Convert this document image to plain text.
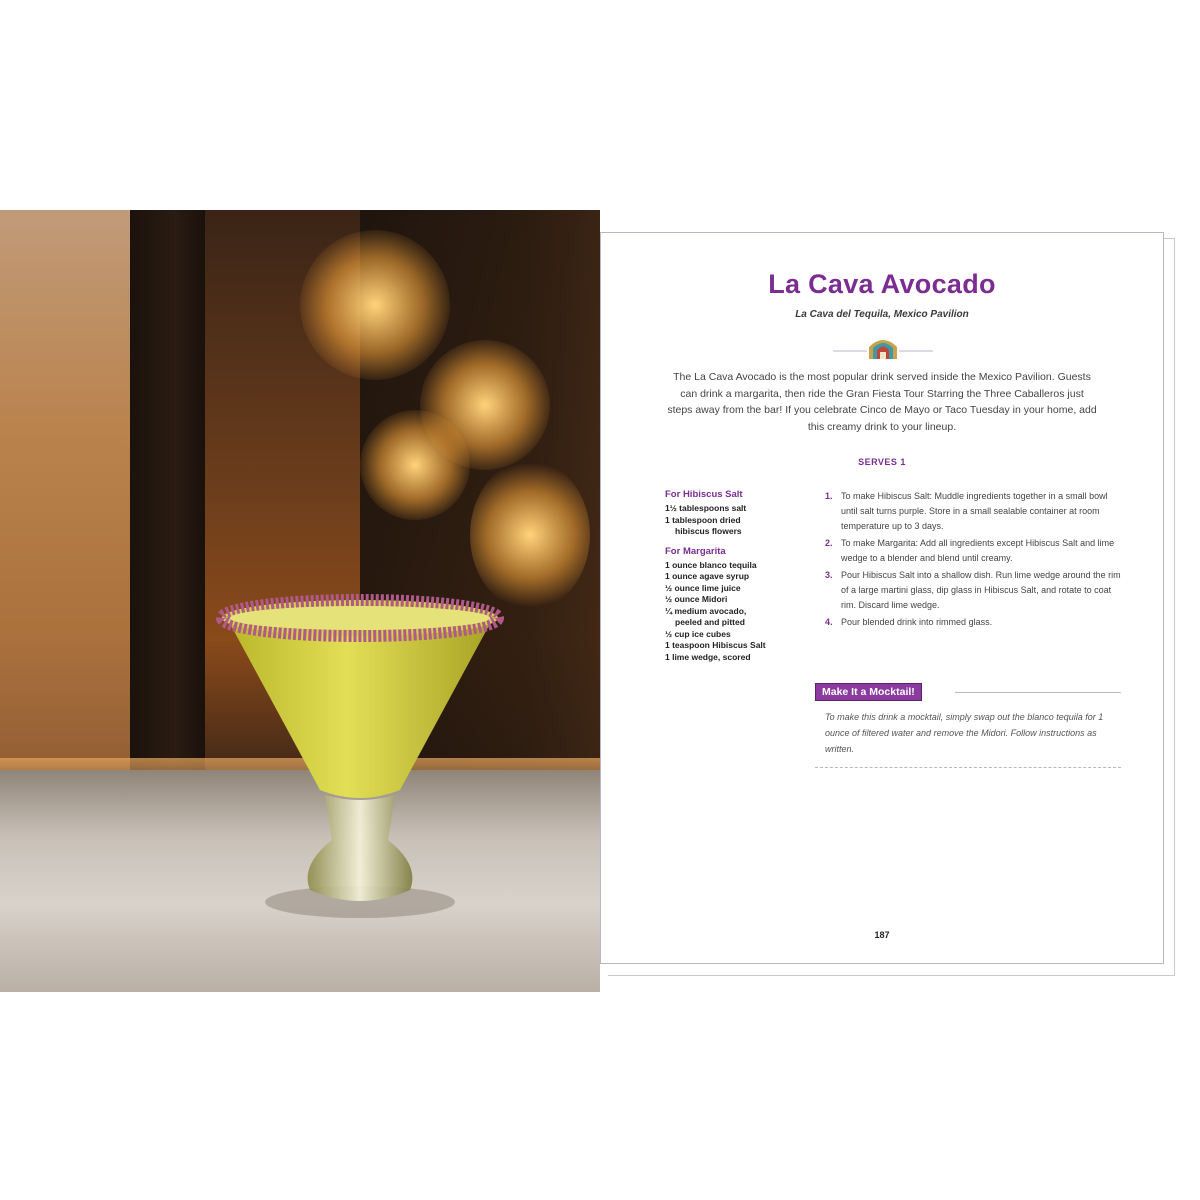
La Cava Avocado
La Cava del Tequila, Mexico Pavilion
The La Cava Avocado is the most popular drink served inside the Mexico Pavilion. Guests can drink a margarita, then ride the Gran Fiesta Tour Starring the Three Caballeros just steps away from the bar! If you celebrate Cinco de Mayo or Taco Tuesday in your home, add this creamy drink to your lineup.
SERVES 1

For Hibiscus Salt

1½ tablespoons salt

1 tablespoon dried

hibiscus flowers

For Margarita

1 ounce blanco tequila

1 ounce agave syrup

½ ounce lime juice

½ ounce Midori

¼ medium avocado,

peeled and pitted

½ cup ice cubes

1 teaspoon Hibiscus Salt

1 lime wedge, scored

1. To make Hibiscus Salt: Muddle ingredients together in a small bowl until salt turns purple. Store in a small sealable container at room temperature up to 3 days.
2. To make Margarita: Add all ingredients except Hibiscus Salt and lime wedge to a blender and blend until creamy.
3. Pour Hibiscus Salt into a shallow dish. Run lime wedge around the rim of a large martini glass, dip glass in Hibiscus Salt, and rotate to coat rim. Discard lime wedge.
4. Pour blended drink into rimmed glass.
Make It a Mocktail!

To make this drink a mocktail, simply swap out the blanco tequila for 1 ounce of filtered water and remove the Midori. Follow instructions as written.

187
